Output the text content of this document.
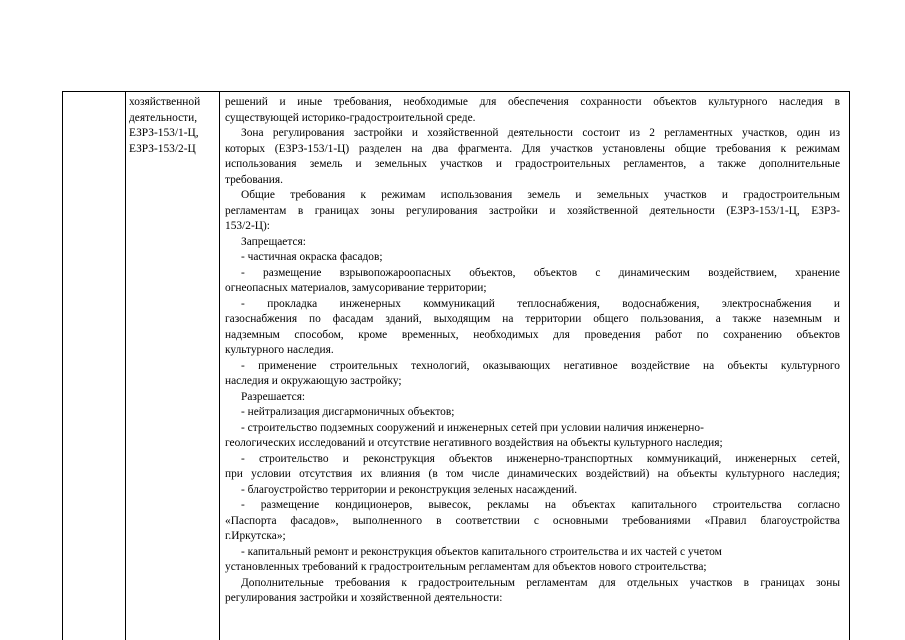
хозяйственной
деятельности,
ЕЗРЗ-153/1-Ц,
ЕЗРЗ-153/2-Ц
решений и иные требования, необходимые для обеспечения сохранности объектов культурного наследия в
существующей историко-градостроительной среде.
Зона регулирования застройки и хозяйственной деятельности состоит из 2 регламентных участков, один из
которых (ЕЗРЗ-153/1-Ц) разделен на два фрагмента. Для участков установлены общие требования к режимам
использования земель и земельных участков и градостроительных регламентов, а также дополнительные
требования.
Общие требования к режимам использования земель и земельных участков и градостроительным
регламентам в границах зоны регулирования застройки и хозяйственной деятельности (ЕЗРЗ-153/1-Ц, ЕЗРЗ-
153/2-Ц):
Запрещается:
- частичная окраска фасадов;
- размещение взрывопожароопасных объектов, объектов с динамическим воздействием, хранение
огнеопасных материалов, замусоривание территории;
- прокладка инженерных коммуникаций теплоснабжения, водоснабжения, электроснабжения и
газоснабжения по фасадам зданий, выходящим на территории общего пользования, а также наземным и
надземным способом, кроме временных, необходимых для проведения работ по сохранению объектов
культурного наследия.
- применение строительных технологий, оказывающих негативное воздействие на объекты культурного
наследия и окружающую застройку;
Разрешается:
- нейтрализация дисгармоничных объектов;
- строительство подземных сооружений и инженерных сетей при условии наличия инженерно-
геологических исследований и отсутствие негативного воздействия на объекты культурного наследия;
- строительство и реконструкция объектов инженерно-транспортных коммуникаций, инженерных сетей,
при условии отсутствия их влияния (в том числе динамических воздействий) на объекты культурного наследия;
- благоустройство территории и реконструкция зеленых насаждений.
- размещение кондиционеров, вывесок, рекламы на объектах капитального строительства согласно
«Паспорта фасадов», выполненного в соответствии с основными требованиями «Правил благоустройства
г.Иркутска»;
- капитальный ремонт и реконструкция объектов капитального строительства и их частей с учетом
установленных требований к градостроительным регламентам для объектов нового строительства;
Дополнительные требования к градостроительным регламентам для отдельных участков в границах зоны
регулирования застройки и хозяйственной деятельности:
